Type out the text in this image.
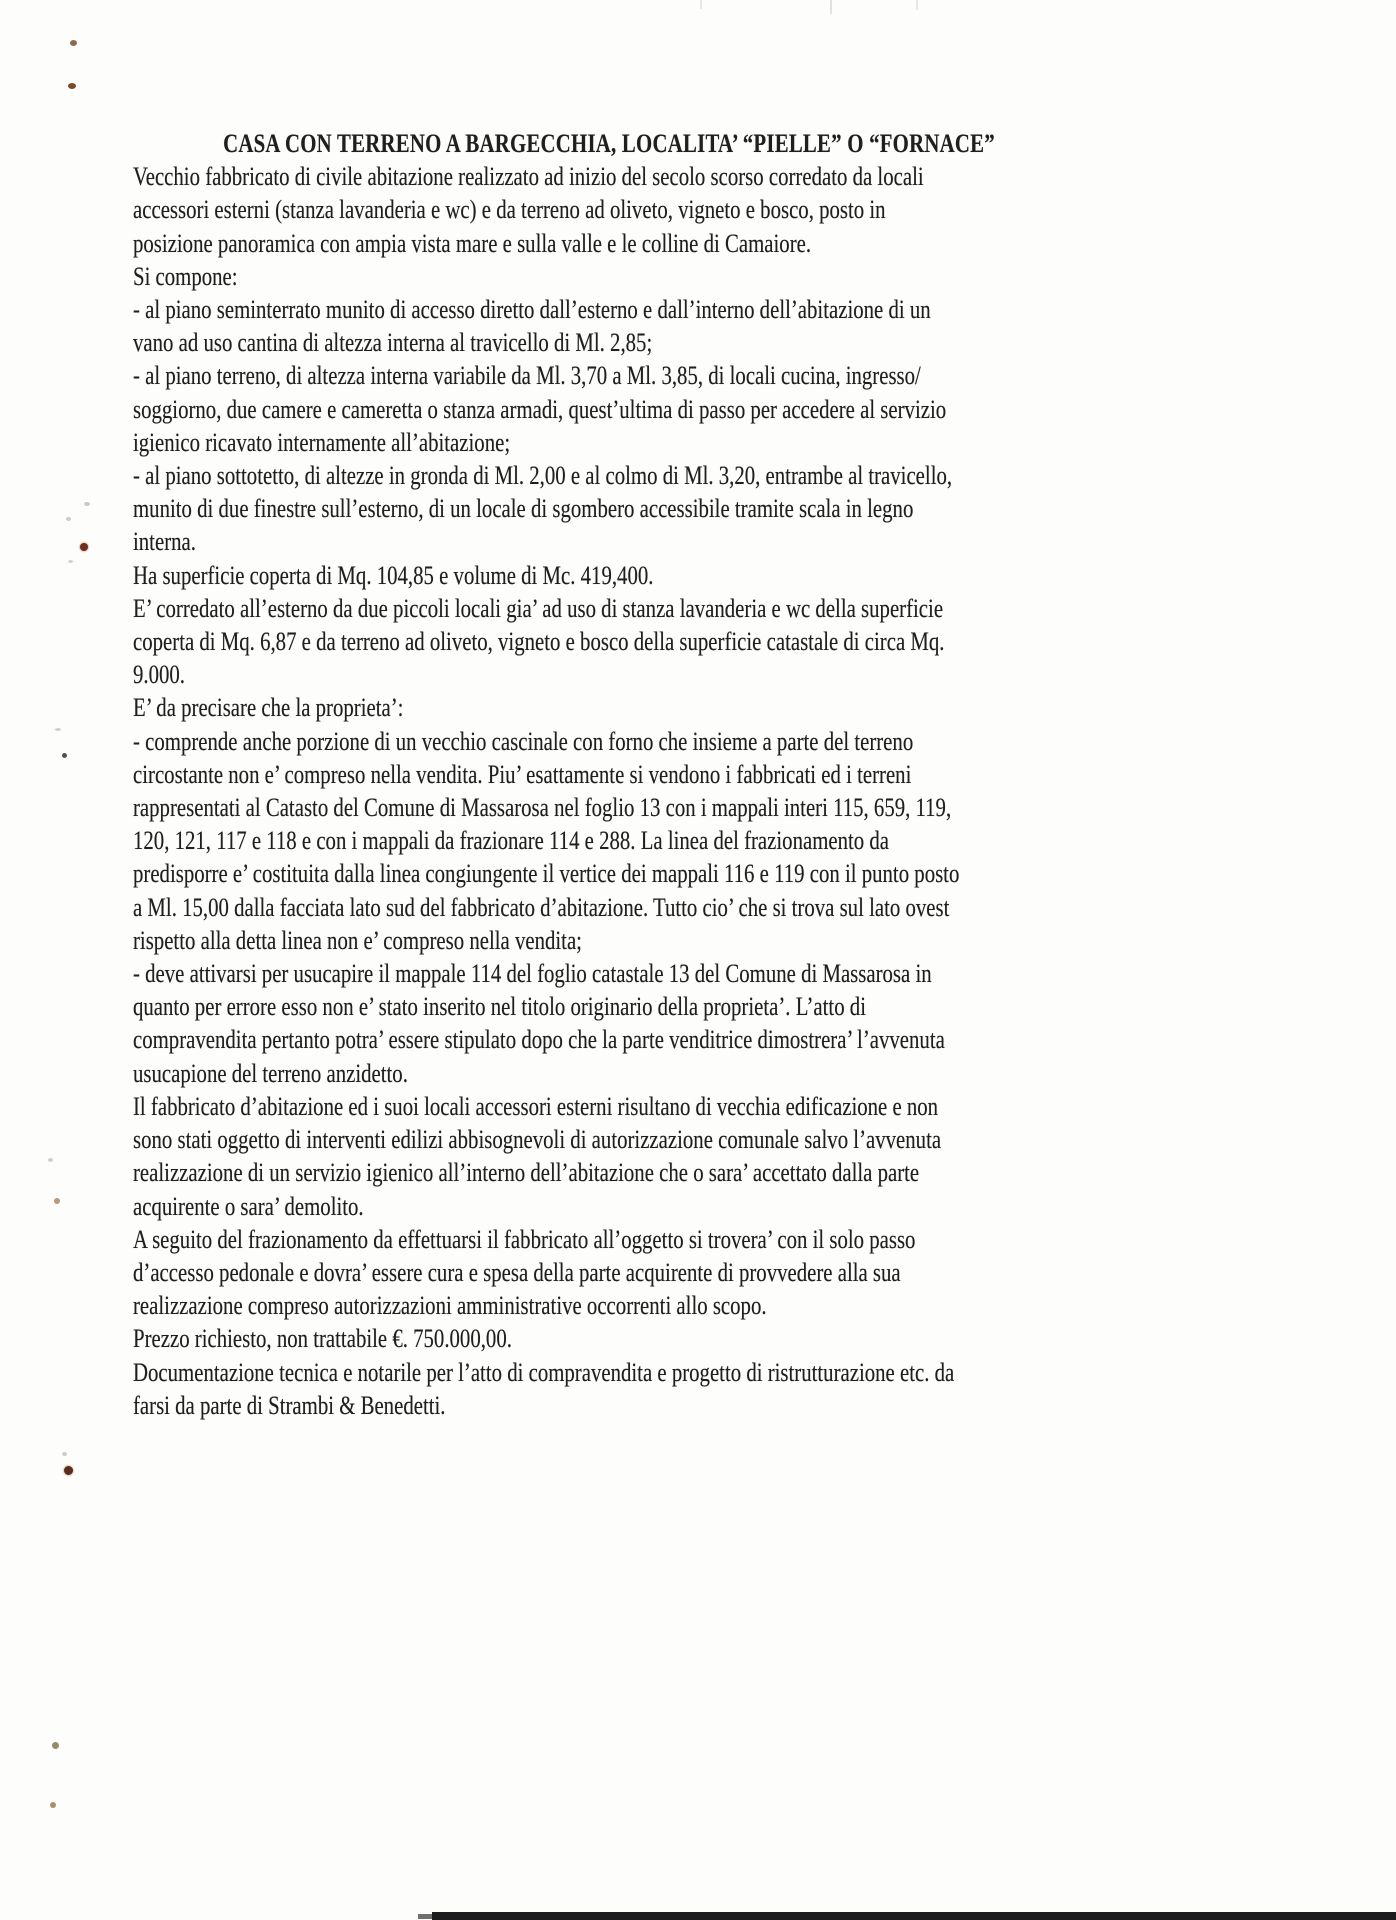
CASA CON TERRENO A BARGECCHIA, LOCALITA’ “PIELLE” O “FORNACE”
Vecchio fabbricato di civile abitazione realizzato ad inizio del secolo scorso corredato da locali
accessori esterni (stanza lavanderia e wc) e da terreno ad oliveto, vigneto e bosco, posto in
posizione panoramica con ampia vista mare e sulla valle e le colline di Camaiore.
Si compone:
- al piano seminterrato munito di accesso diretto dall’esterno e dall’interno dell’abitazione di un
vano ad uso cantina di altezza interna al travicello di Ml. 2,85;
- al piano terreno, di altezza interna variabile da Ml. 3,70 a Ml. 3,85, di locali cucina, ingresso/
soggiorno, due camere e cameretta o stanza armadi, quest’ultima di passo per accedere al servizio
igienico ricavato internamente all’abitazione;
- al piano sottotetto, di altezze in gronda di Ml. 2,00 e al colmo di Ml. 3,20, entrambe al travicello,
munito di due finestre sull’esterno, di un locale di sgombero accessibile tramite scala in legno
interna.
Ha superficie coperta di Mq. 104,85 e volume di Mc. 419,400.
E’ corredato all’esterno da due piccoli locali gia’ ad uso di stanza lavanderia e wc della superficie
coperta di Mq. 6,87 e da terreno ad oliveto, vigneto e bosco della superficie catastale di circa Mq.
9.000.
E’ da precisare che la proprieta’:
- comprende anche porzione di un vecchio cascinale con forno che insieme a parte del terreno
circostante non e’ compreso nella vendita. Piu’ esattamente si vendono i fabbricati ed i terreni
rappresentati al Catasto del Comune di Massarosa nel foglio 13 con i mappali interi 115, 659, 119,
120, 121, 117 e 118 e con i mappali da frazionare 114 e 288. La linea del frazionamento da
predisporre e’ costituita dalla linea congiungente il vertice dei mappali 116 e 119 con il punto posto
a Ml. 15,00 dalla facciata lato sud del fabbricato d’abitazione. Tutto cio’ che si trova sul lato ovest
rispetto alla detta linea non e’ compreso nella vendita;
- deve attivarsi per usucapire il mappale 114 del foglio catastale 13 del Comune di Massarosa in
quanto per errore esso non e’ stato inserito nel titolo originario della proprieta’. L’atto di
compravendita pertanto potra’ essere stipulato dopo che la parte venditrice dimostrera’ l’avvenuta
usucapione del terreno anzidetto.
Il fabbricato d’abitazione ed i suoi locali accessori esterni risultano di vecchia edificazione e non
sono stati oggetto di interventi edilizi abbisognevoli di autorizzazione comunale salvo l’avvenuta
realizzazione di un servizio igienico all’interno dell’abitazione che o sara’ accettato dalla parte
acquirente o sara’ demolito.
A seguito del frazionamento da effettuarsi il fabbricato all’oggetto si trovera’ con il solo passo
d’accesso pedonale e dovra’ essere cura e spesa della parte acquirente di provvedere alla sua
realizzazione compreso autorizzazioni amministrative occorrenti allo scopo.
Prezzo richiesto, non trattabile €. 750.000,00.
Documentazione tecnica e notarile per l’atto di compravendita e progetto di ristrutturazione etc. da
farsi da parte di Strambi & Benedetti.
